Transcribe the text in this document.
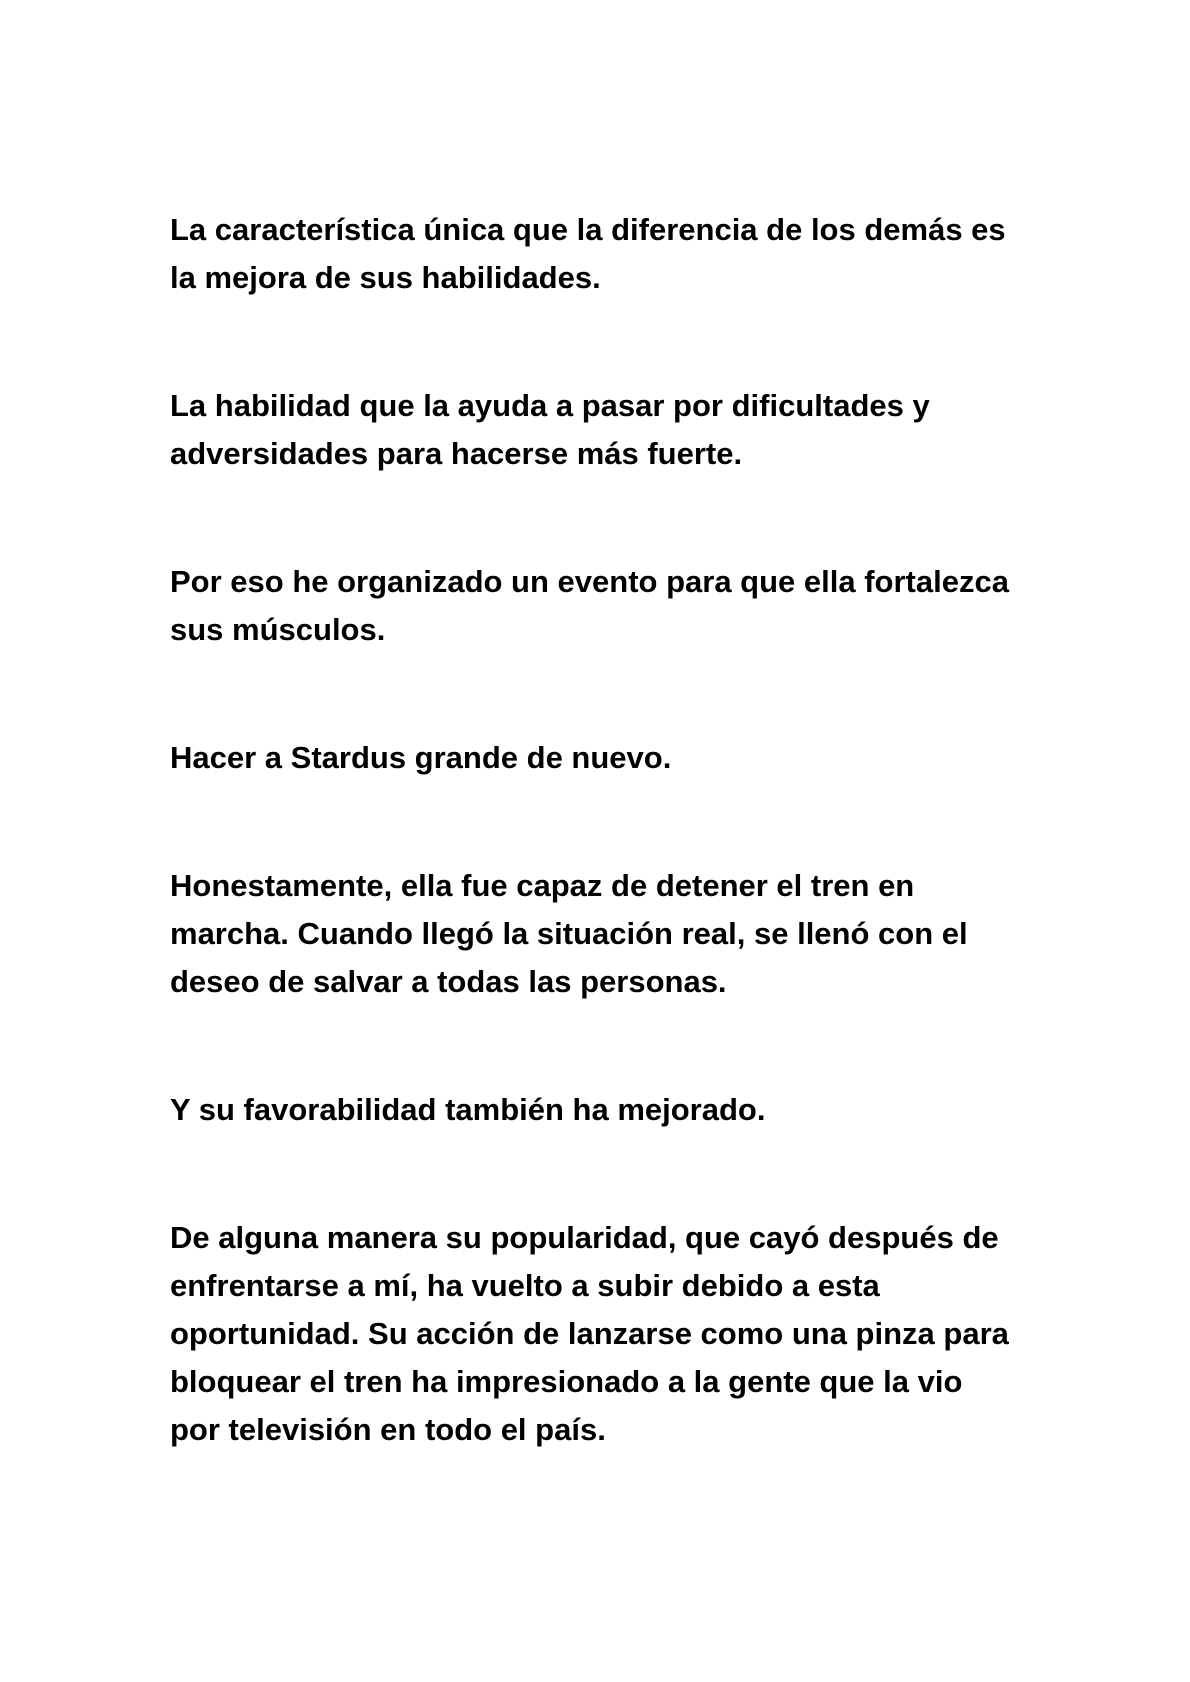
La característica única que la diferencia de los demás es
la mejora de sus habilidades.

La habilidad que la ayuda a pasar por dificultades y
adversidades para hacerse más fuerte.

Por eso he organizado un evento para que ella fortalezca
sus músculos.

Hacer a Stardus grande de nuevo.

Honestamente, ella fue capaz de detener el tren en
marcha. Cuando llegó la situación real, se llenó con el
deseo de salvar a todas las personas.

Y su favorabilidad también ha mejorado.

De alguna manera su popularidad, que cayó después de
enfrentarse a mí, ha vuelto a subir debido a esta
oportunidad. Su acción de lanzarse como una pinza para
bloquear el tren ha impresionado a la gente que la vio
por televisión en todo el país.
